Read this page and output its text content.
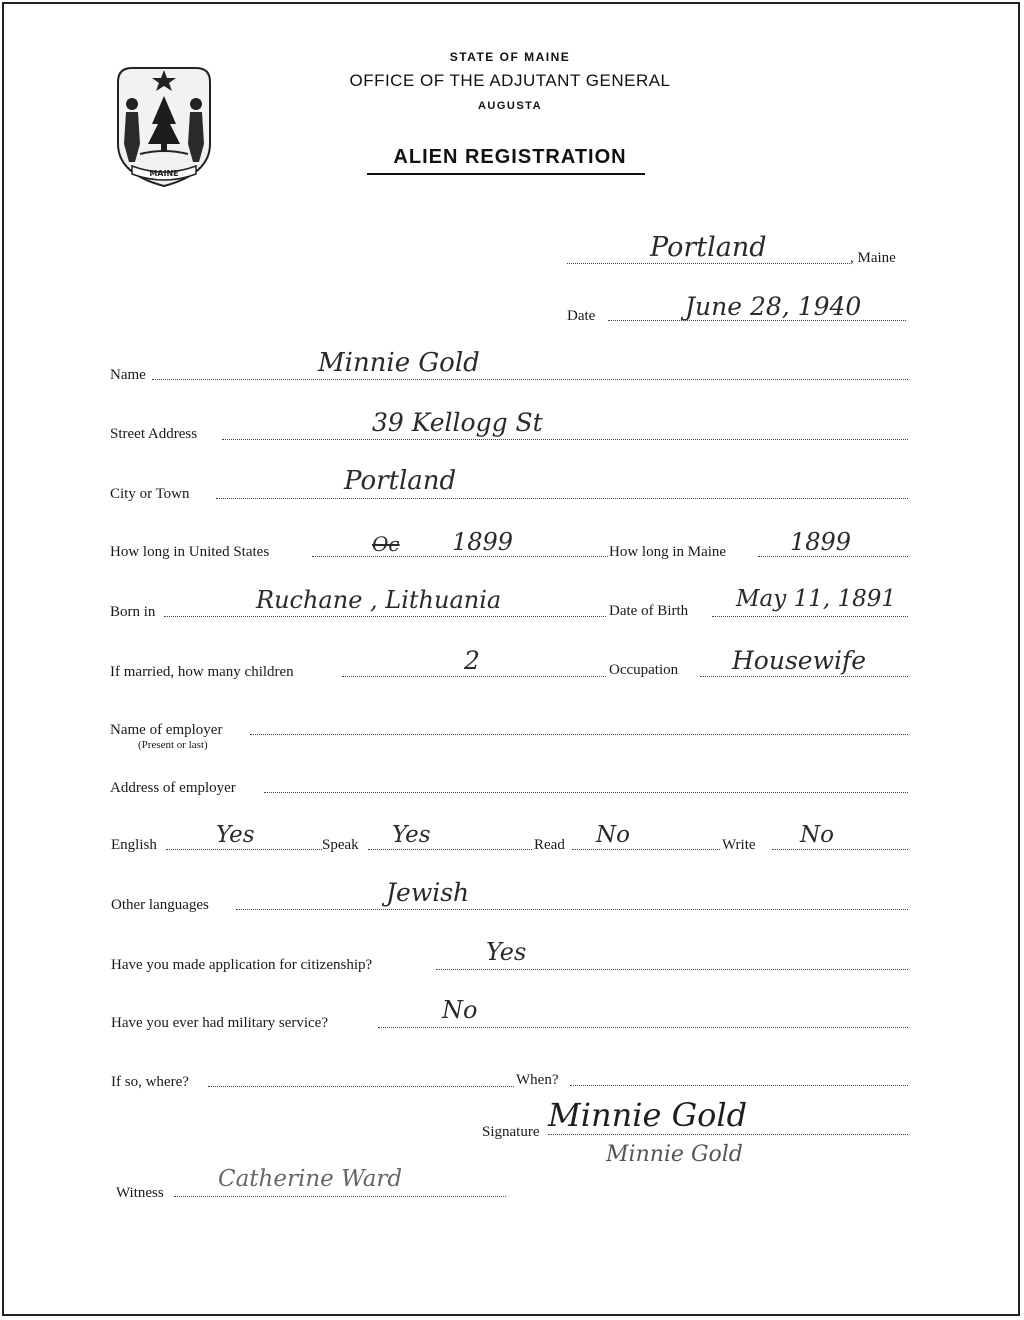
MAINE
STATE OF MAINE
OFFICE OF THE ADJUTANT GENERAL
AUGUSTA
ALIEN REGISTRATION
Portland	, Maine
Date	June 28, 1940
Name	Minnie Gold
Street Address	39 Kellogg St
City or Town	Portland
How long in United States	Oc 1899	How long in Maine	1899
Born in	Ruchane , Lithuania	Date of Birth May 11, 1891
If married, how many children	2	Occupation Housewife
Name of employer
(Present or last)
Address of employer
English	Yes	Speak Yes	Read No	Write No
Other languages	Jewish
Have you made application for citizenship?	Yes
Have you ever had military service?	No
If so, where?	When?
Signature Minnie Gold
Minnie Gold
Witness
Catherine Ward
